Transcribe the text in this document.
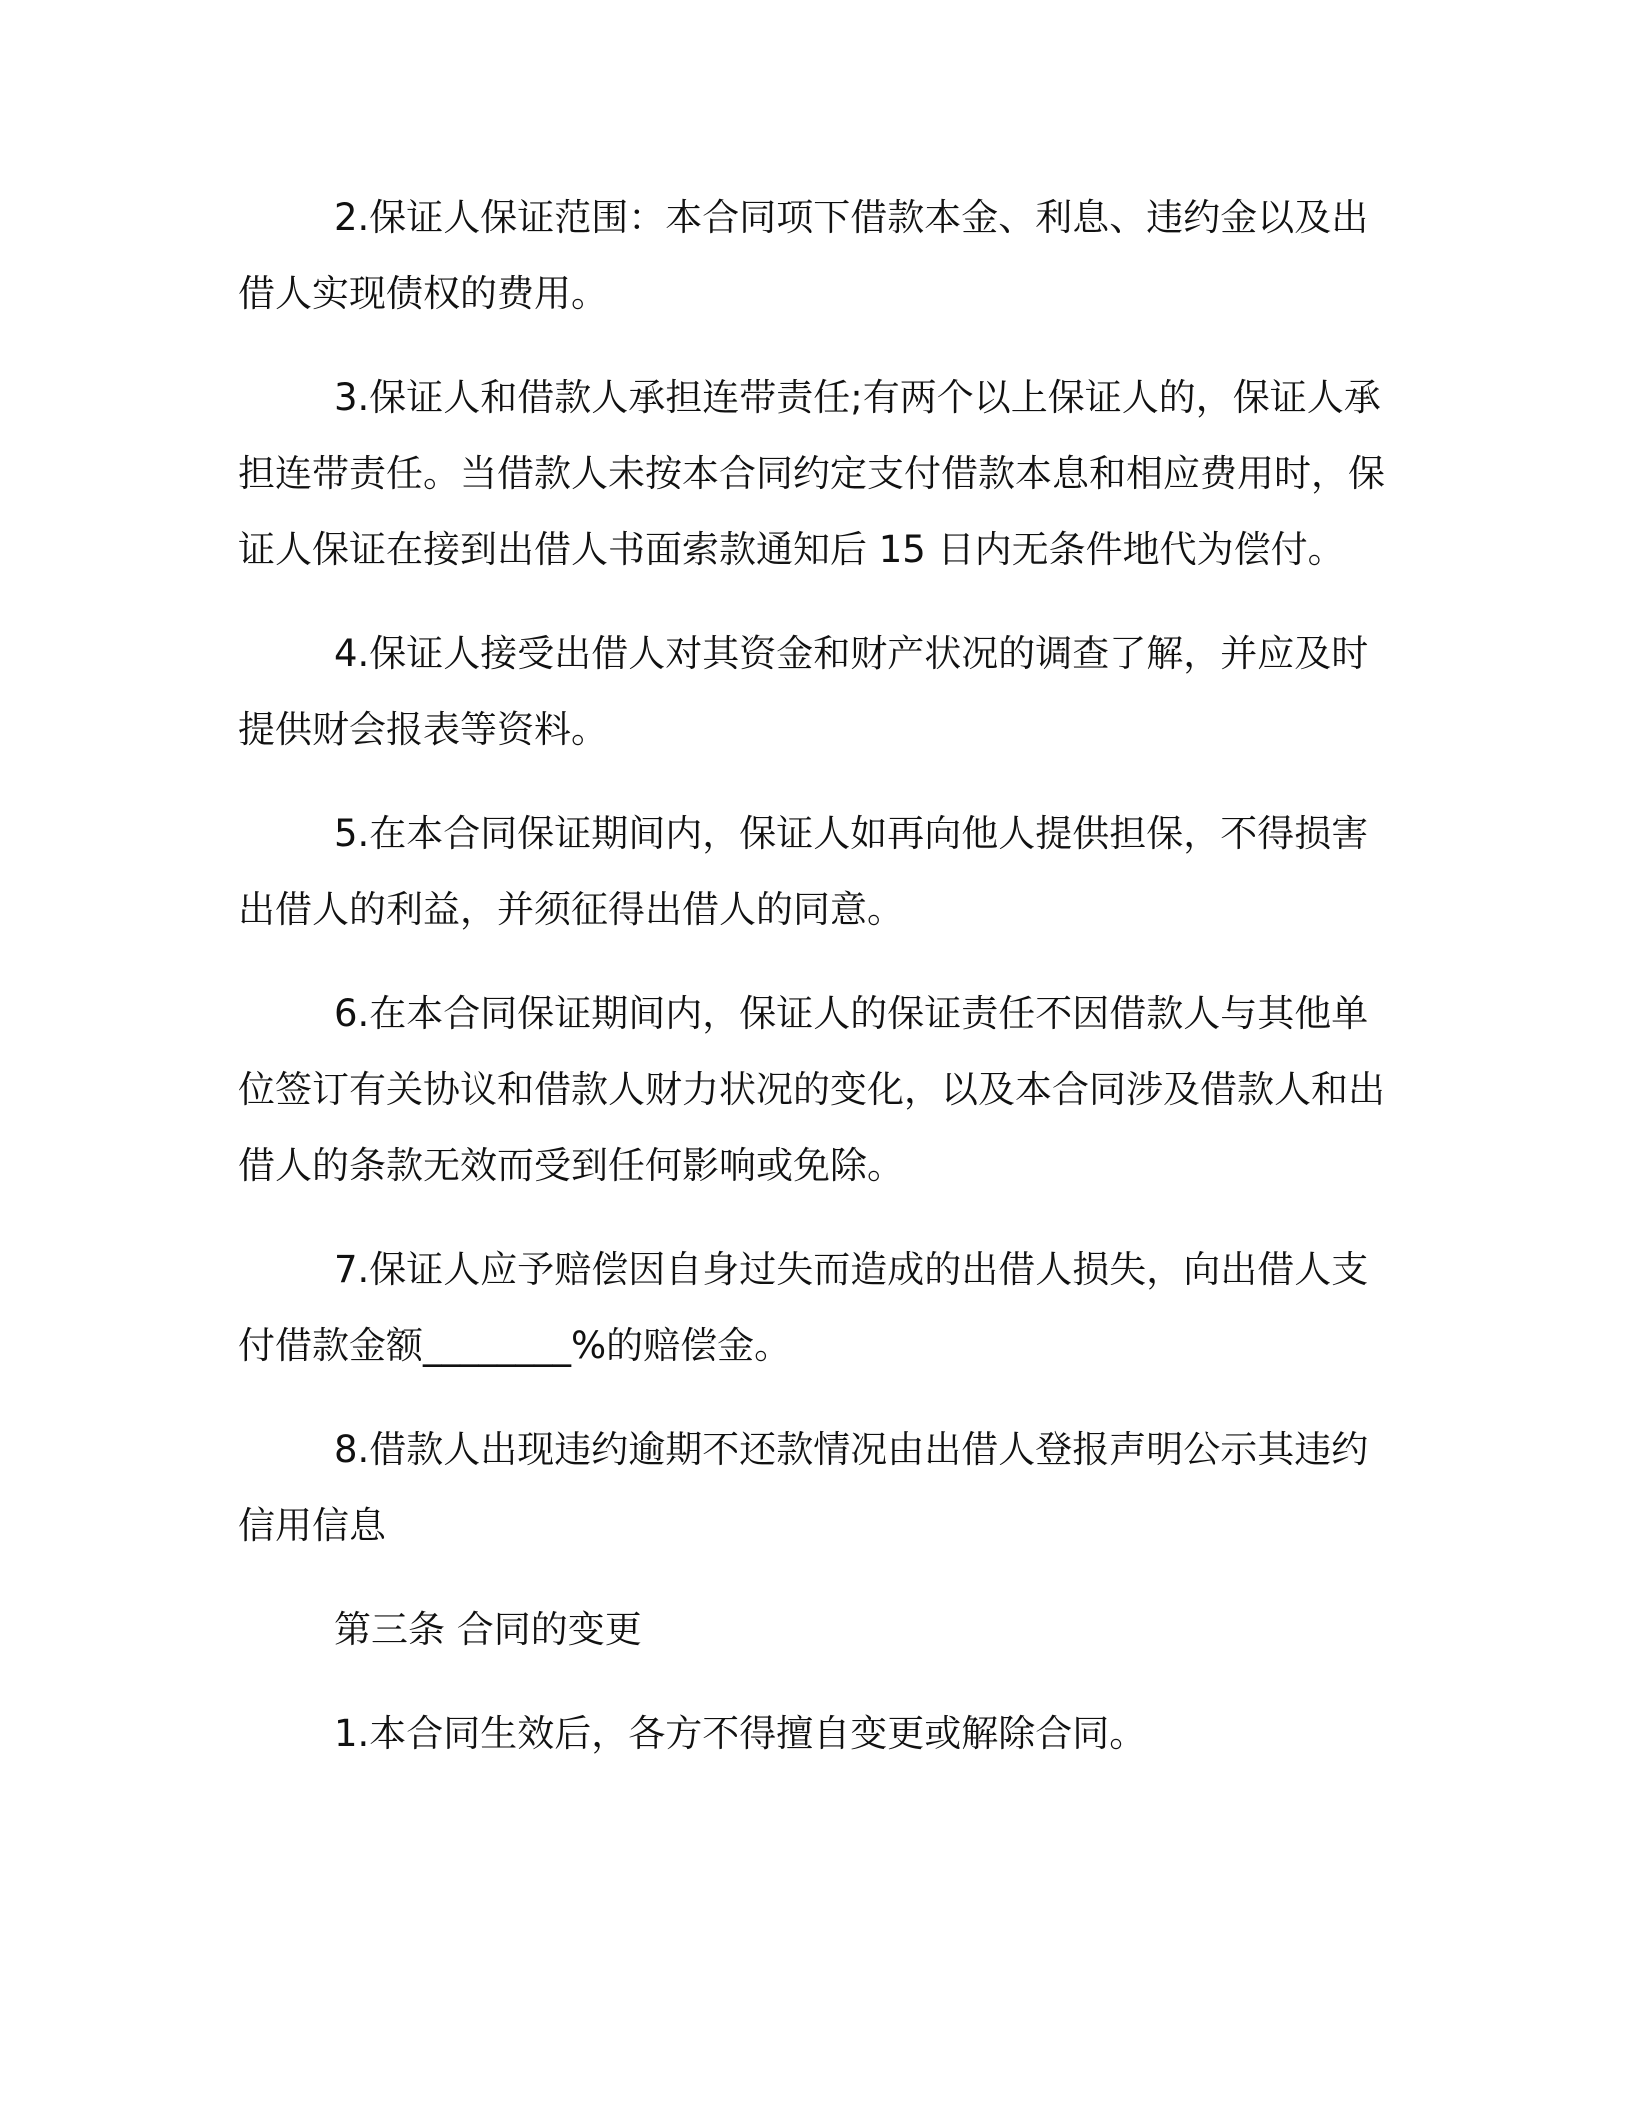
2.保证人保证范围：本合同项下借款本金、利息、违约金以及出借人实现债权的费用。

3.保证人和借款人承担连带责任;有两个以上保证人的，保证人承担连带责任。当借款人未按本合同约定支付借款本息和相应费用时，保证人保证在接到出借人书面索款通知后 15 日内无条件地代为偿付。

4.保证人接受出借人对其资金和财产状况的调查了解，并应及时提供财会报表等资料。

5.在本合同保证期间内，保证人如再向他人提供担保，不得损害出借人的利益，并须征得出借人的同意。

6.在本合同保证期间内，保证人的保证责任不因借款人与其他单位签订有关协议和借款人财力状况的变化，以及本合同涉及借款人和出借人的条款无效而受到任何影响或免除。

7.保证人应予赔偿因自身过失而造成的出借人损失，向出借人支付借款金额________%的赔偿金。

8.借款人出现违约逾期不还款情况由出借人登报声明公示其违约信用信息

第三条 合同的变更

1.本合同生效后，各方不得擅自变更或解除合同。
